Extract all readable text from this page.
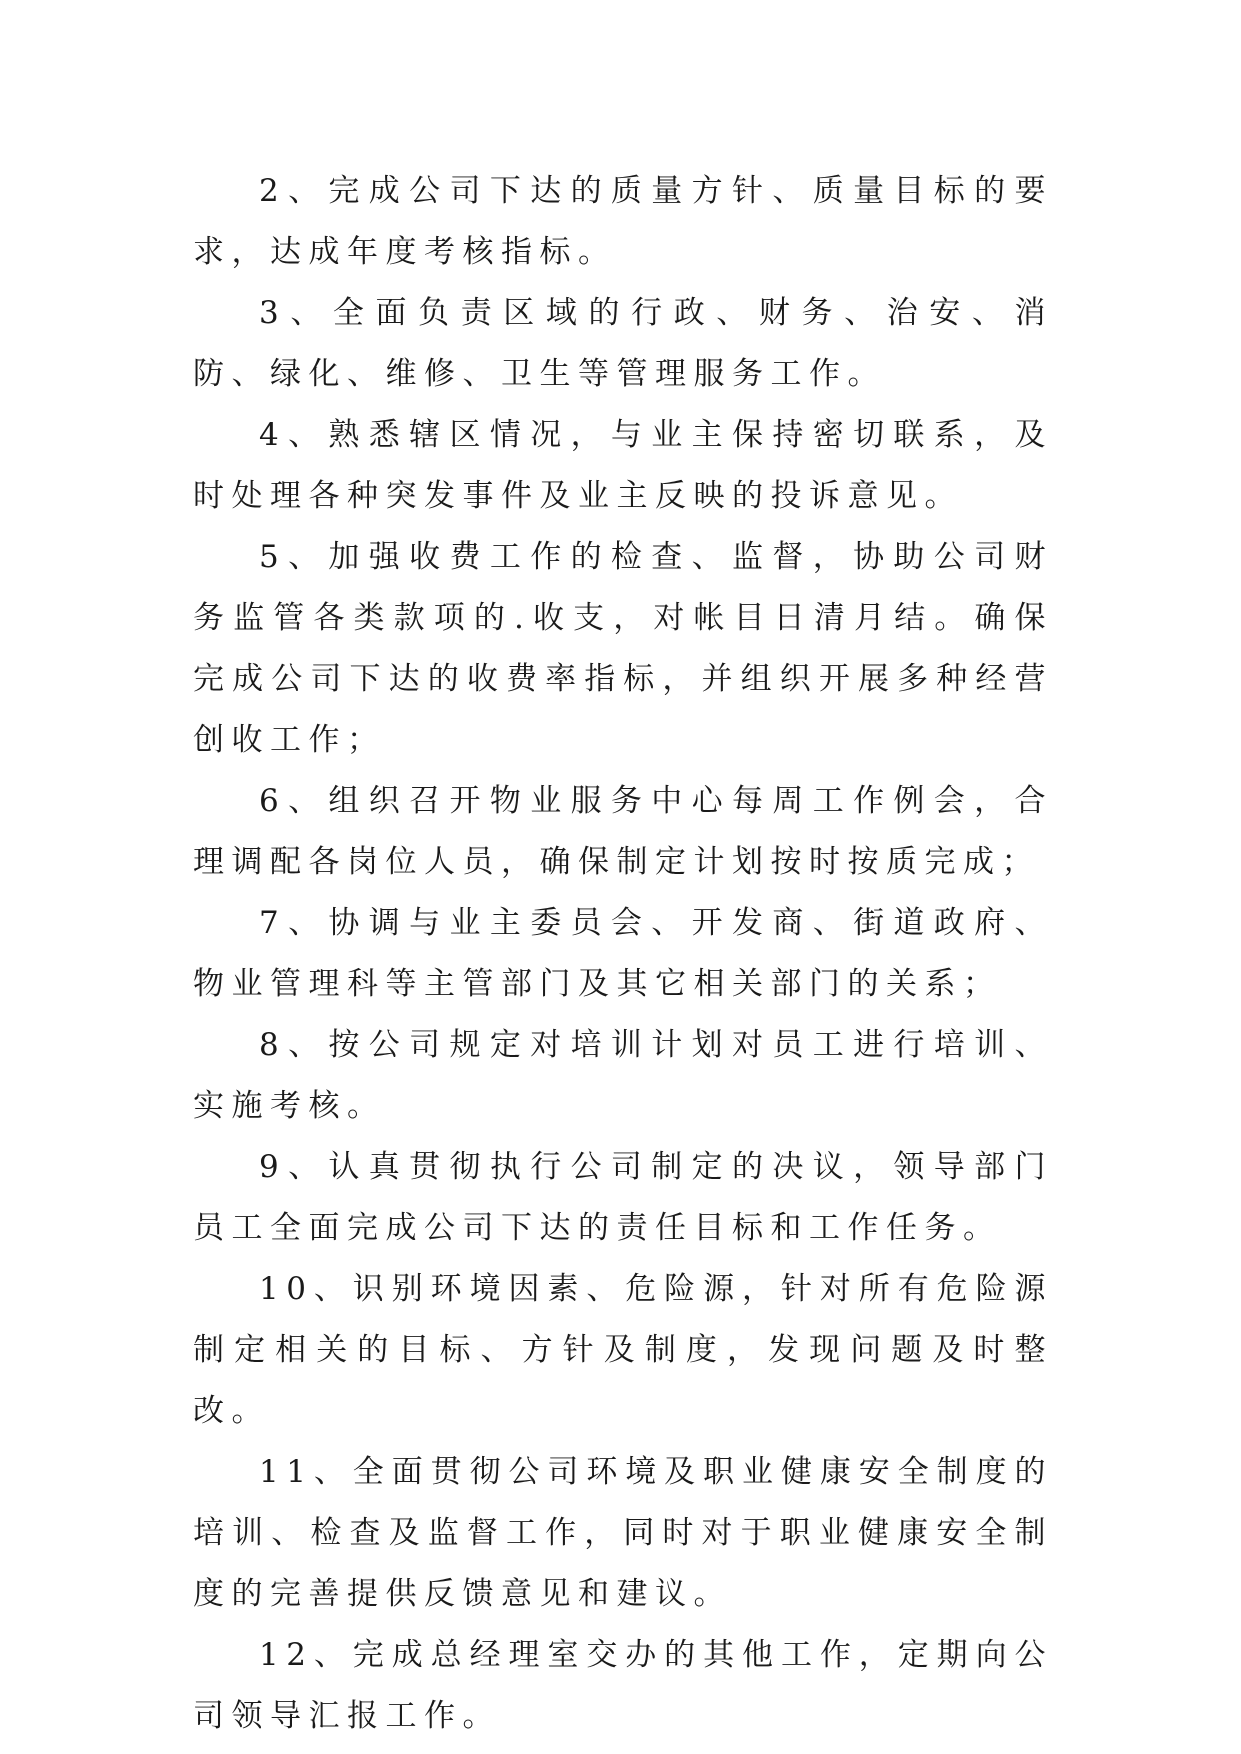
2、完成公司下达的质量方针、质量目标的要求，达成年度考核指标。

3、全面负责区域的行政、财务、治安、消防、绿化、维修、卫生等管理服务工作。

4、熟悉辖区情况，与业主保持密切联系，及时处理各种突发事件及业主反映的投诉意见。

5、加强收费工作的检查、监督，协助公司财务监管各类款项的.收支，对帐目日清月结。确保完成公司下达的收费率指标，并组织开展多种经营创收工作；

6、组织召开物业服务中心每周工作例会，合理调配各岗位人员，确保制定计划按时按质完成；

7、协调与业主委员会、开发商、街道政府、物业管理科等主管部门及其它相关部门的关系；

8、按公司规定对培训计划对员工进行培训、实施考核。

9、认真贯彻执行公司制定的决议，领导部门员工全面完成公司下达的责任目标和工作任务。

10、识别环境因素、危险源，针对所有危险源制定相关的目标、方针及制度，发现问题及时整改。

11、全面贯彻公司环境及职业健康安全制度的培训、检查及监督工作，同时对于职业健康安全制度的完善提供反馈意见和建议。

12、完成总经理室交办的其他工作，定期向公司领导汇报工作。
